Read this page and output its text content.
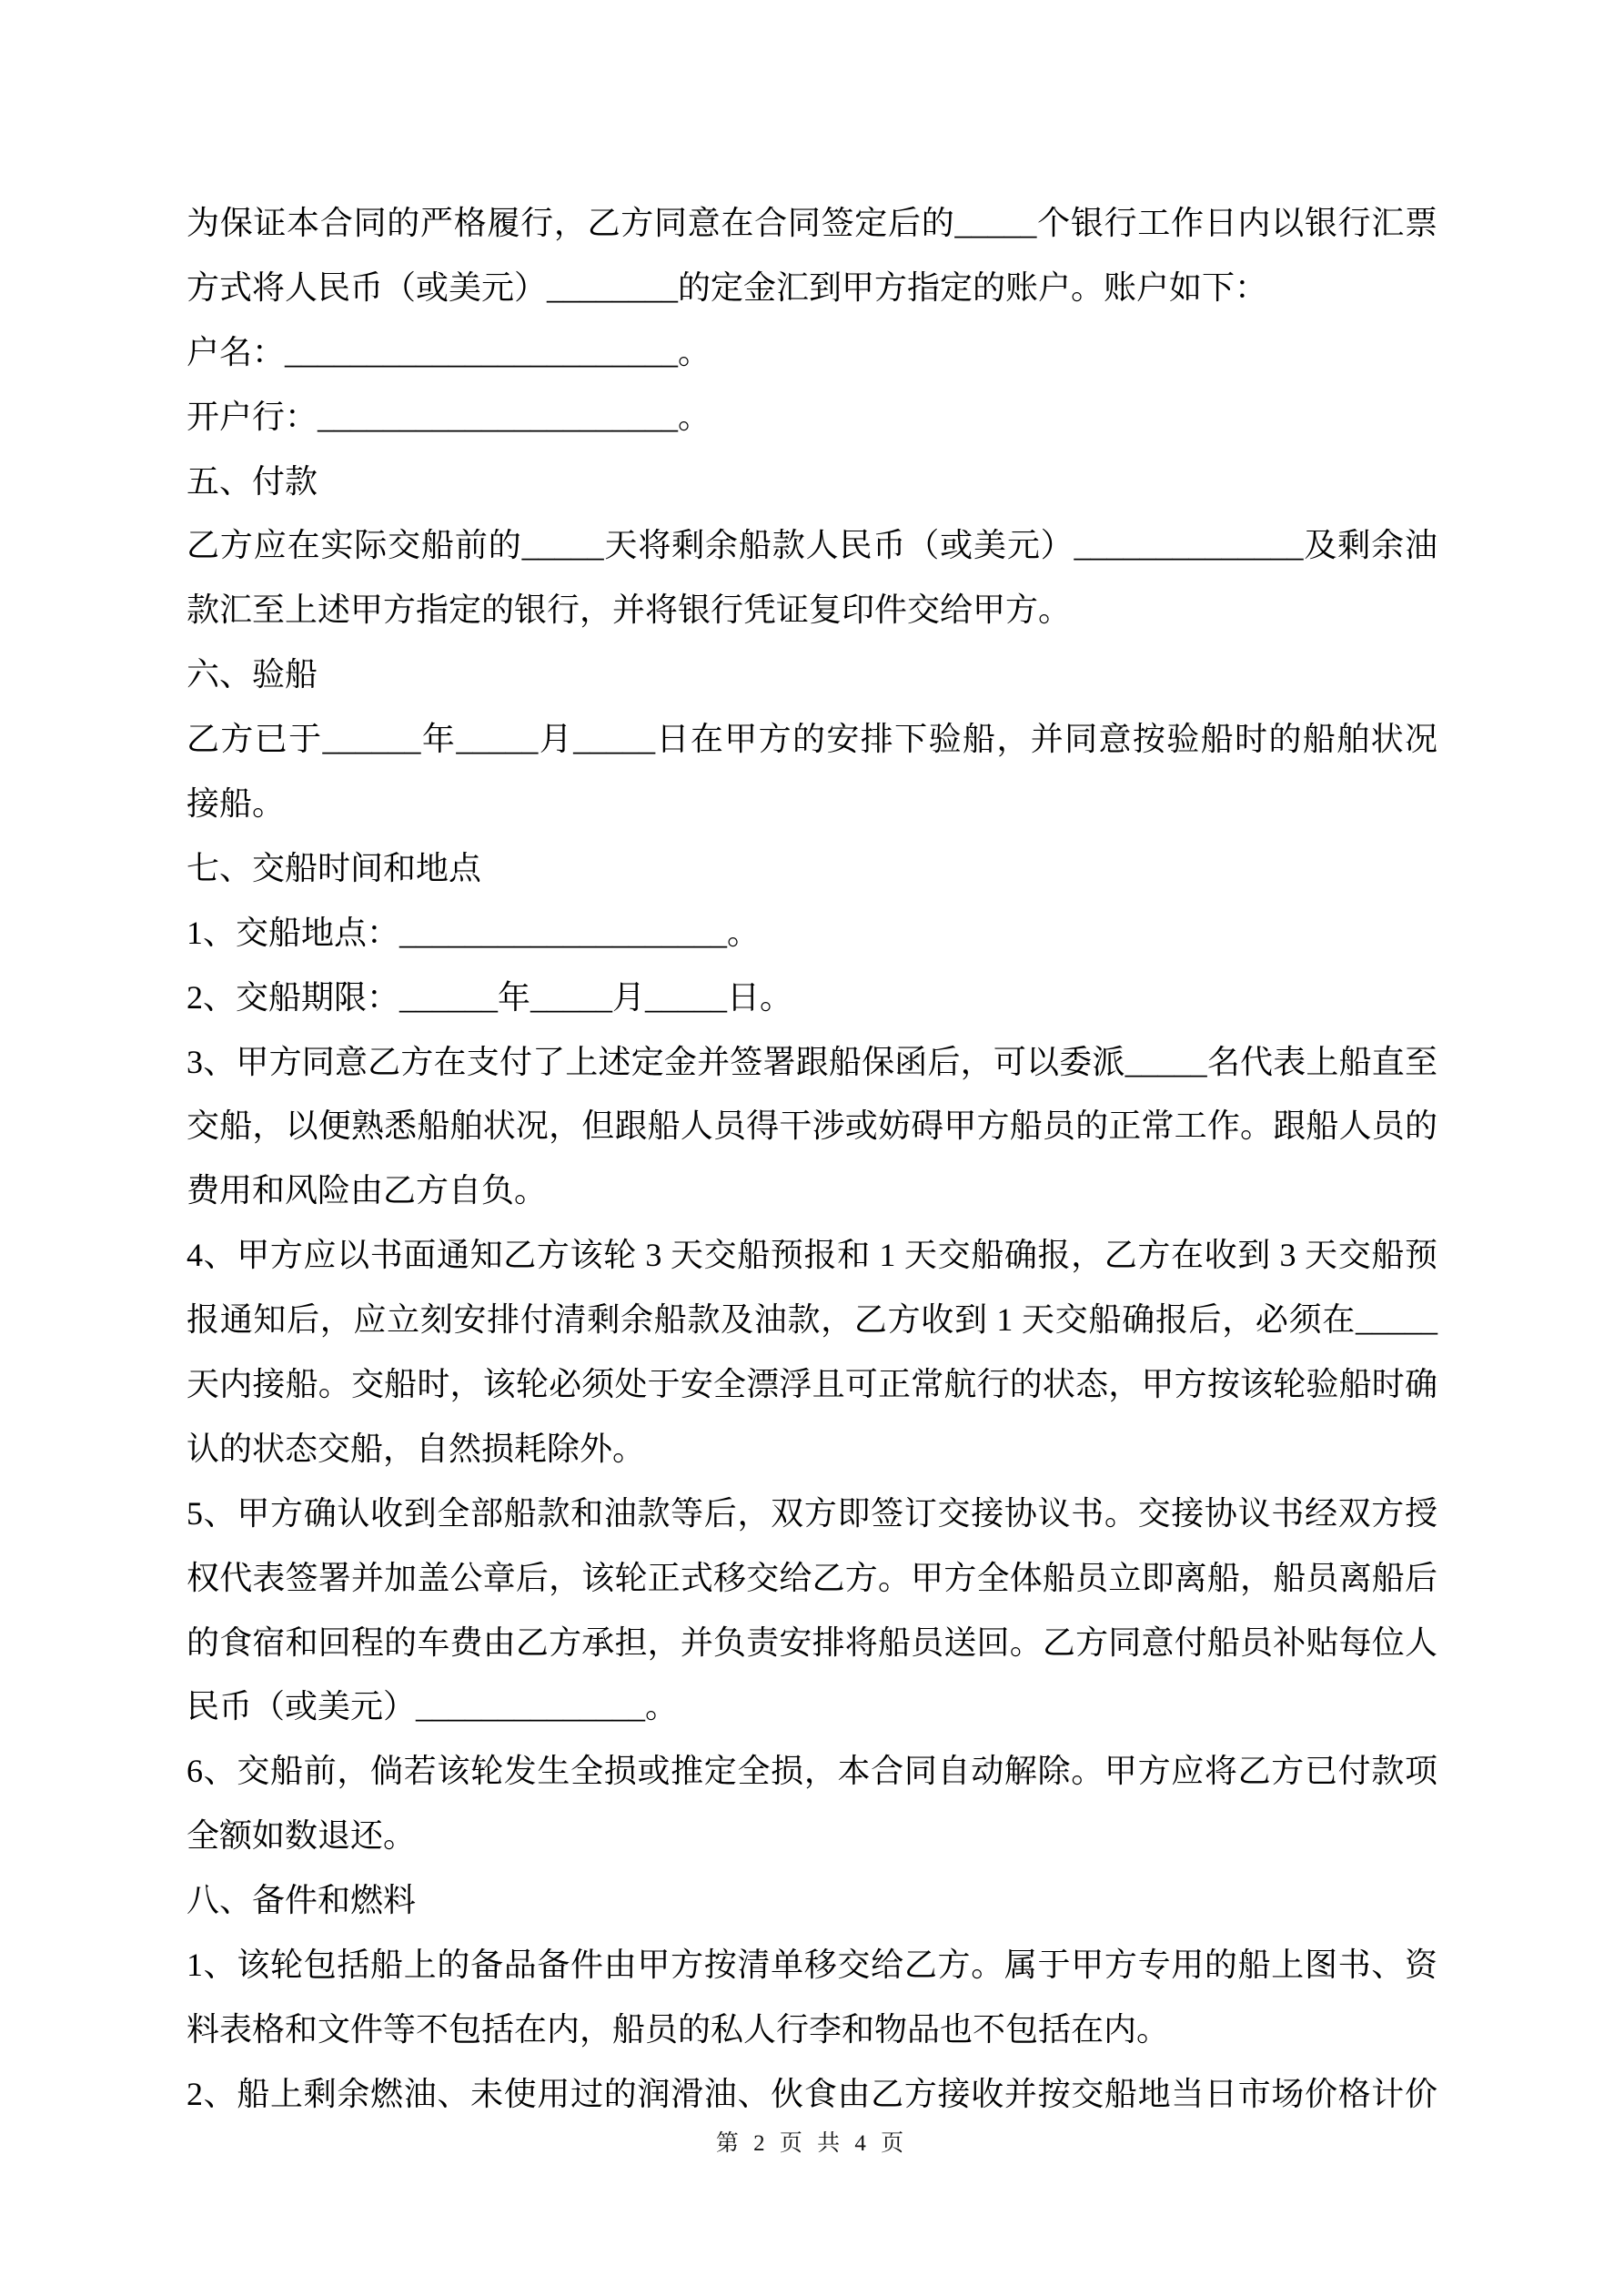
为保证本合同的严格履行，乙方同意在合同签定后的_____个银行工作日内以银行汇票
方式将人民币（或美元）________的定金汇到甲方指定的账户。账户如下：
户名：________________________。
开户行：______________________。
五、付款
乙方应在实际交船前的_____天将剩余船款人民币（或美元）______________及剩余油
款汇至上述甲方指定的银行，并将银行凭证复印件交给甲方。
六、验船
乙方已于______年_____月_____日在甲方的安排下验船，并同意按验船时的船舶状况
接船。
七、交船时间和地点
1、交船地点：____________________。
2、交船期限：______年_____月_____日。
3、甲方同意乙方在支付了上述定金并签署跟船保函后，可以委派_____名代表上船直至
交船，以便熟悉船舶状况，但跟船人员得干涉或妨碍甲方船员的正常工作。跟船人员的
费用和风险由乙方自负。
4、甲方应以书面通知乙方该轮 3 天交船预报和 1 天交船确报，乙方在收到 3 天交船预
报通知后，应立刻安排付清剩余船款及油款，乙方收到 1 天交船确报后，必须在_____
天内接船。交船时，该轮必须处于安全漂浮且可正常航行的状态，甲方按该轮验船时确
认的状态交船，自然损耗除外。
5、甲方确认收到全部船款和油款等后，双方即签订交接协议书。交接协议书经双方授
权代表签署并加盖公章后，该轮正式移交给乙方。甲方全体船员立即离船，船员离船后
的食宿和回程的车费由乙方承担，并负责安排将船员送回。乙方同意付船员补贴每位人
民币（或美元）______________。
6、交船前，倘若该轮发生全损或推定全损，本合同自动解除。甲方应将乙方已付款项
全额如数退还。
八、备件和燃料
1、该轮包括船上的备品备件由甲方按清单移交给乙方。属于甲方专用的船上图书、资
料表格和文件等不包括在内，船员的私人行李和物品也不包括在内。
2、船上剩余燃油、未使用过的润滑油、伙食由乙方接收并按交船地当日市场价格计价
第 2 页 共 4 页
